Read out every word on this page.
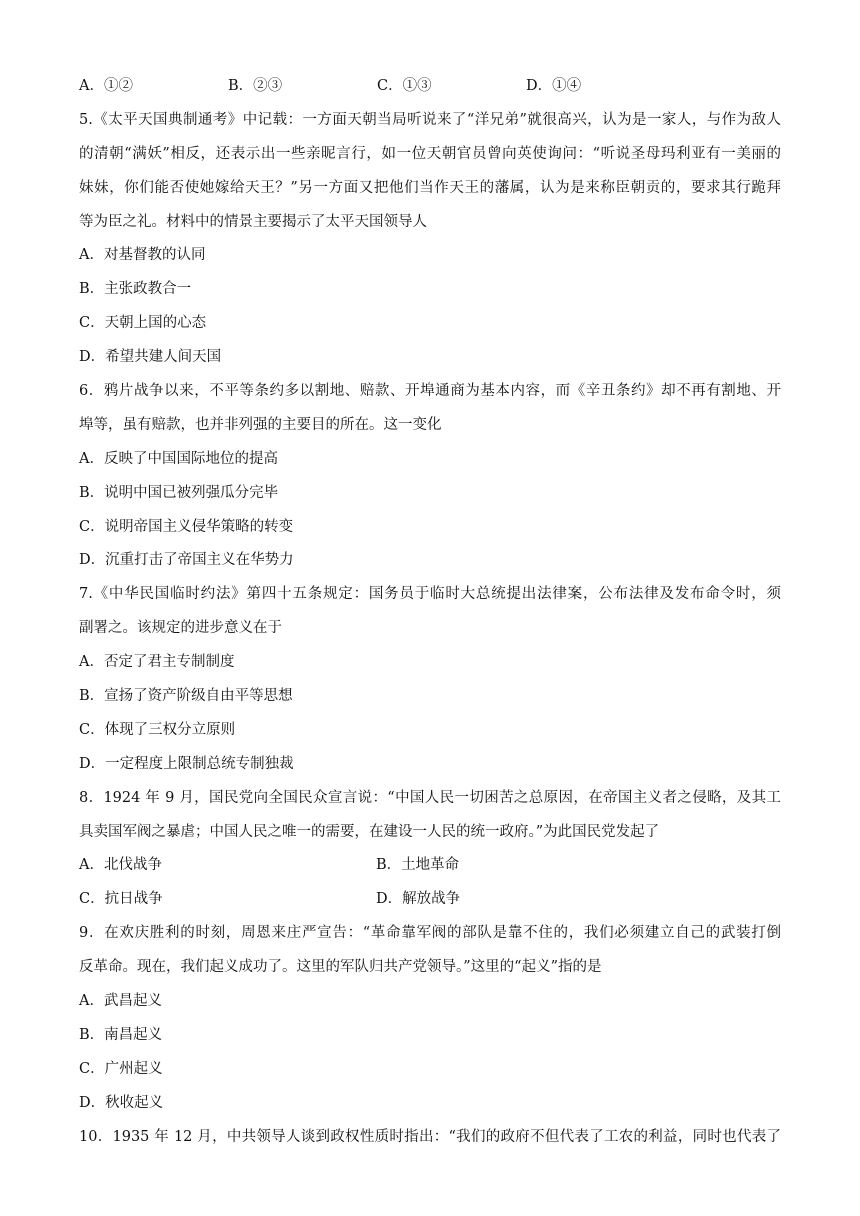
A．①②	B．②③	C．①③	D．①④
5.《太平天国典制通考》中记载：一方面天朝当局听说来了“洋兄弟”就很高兴，认为是一家人，与作为敌人
的清朝“满妖”相反，还表示出一些亲昵言行，如一位天朝官员曾向英使询问：“听说圣母玛利亚有一美丽的
妹妹，你们能否使她嫁给天王？”另一方面又把他们当作天王的藩属，认为是来称臣朝贡的，要求其行跪拜
等为臣之礼。材料中的情景主要揭示了太平天国领导人
A．对基督教的认同
B．主张政教合一
C．天朝上国的心态
D．希望共建人间天国
6．鸦片战争以来，不平等条约多以割地、赔款、开埠通商为基本内容，而《辛丑条约》却不再有割地、开
埠等，虽有赔款，也并非列强的主要目的所在。这一变化
A．反映了中国国际地位的提高
B．说明中国已被列强瓜分完毕
C．说明帝国主义侵华策略的转变
D．沉重打击了帝国主义在华势力
7.《中华民国临时约法》第四十五条规定：国务员于临时大总统提出法律案，公布法律及发布命令时，须
副署之。该规定的进步意义在于
A．否定了君主专制制度
B．宣扬了资产阶级自由平等思想
C．体现了三权分立原则
D．一定程度上限制总统专制独裁
8．1924 年 9 月，国民党向全国民众宣言说：“中国人民一切困苦之总原因，在帝国主义者之侵略，及其工
具卖国军阀之暴虐；中国人民之唯一的需要，在建设一人民的统一政府。”为此国民党发起了
A．北伐战争	B．土地革命
C．抗日战争	D．解放战争
9．在欢庆胜利的时刻，周恩来庄严宣告：“革命靠军阀的部队是靠不住的，我们必须建立自己的武装打倒
反革命。现在，我们起义成功了。这里的军队归共产党领导。”这里的“起义”指的是
A．武昌起义
B．南昌起义
C．广州起义
D．秋收起义
10．1935 年 12 月，中共领导人谈到政权性质时指出：“我们的政府不但代表了工农的利益，同时也代表了
